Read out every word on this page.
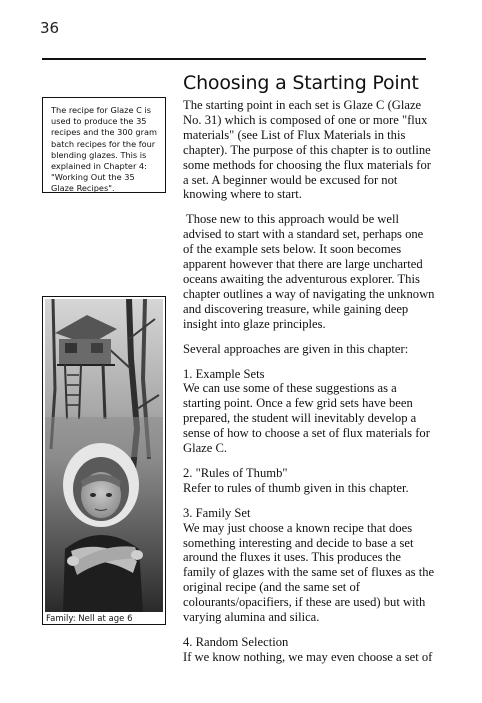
36
Choosing a Starting Point
The recipe for Glaze C is used to produce the 35 recipes and the 300 gram batch recipes for the four blending glazes. This is explained in Chapter 4: "Working Out the 35 Glaze Recipes".
Family: Nell at age 6

The starting point in each set is Glaze C (Glaze No. 31) which is composed of one or more "flux materials" (see List of Flux Materials in this chapter). The purpose of this chapter is to outline some methods for choosing the flux materials for a set. A beginner would be excused for not knowing where to start.

Those new to this approach would be well advised to start with a standard set, perhaps one of the example sets below. It soon becomes apparent however that there are large uncharted oceans awaiting the adventurous explorer. This chapter outlines a way of navigating the unknown and discovering treasure, while gaining deep insight into glaze principles.

Several approaches are given in this chapter:

1. Example Sets
We can use some of these suggestions as a starting point. Once a few grid sets have been prepared, the student will inevitably develop a sense of how to choose a set of flux materials for Glaze C.

2. "Rules of Thumb"
Refer to rules of thumb given in this chapter.

3. Family Set
We may just choose a known recipe that does something interesting and decide to base a set around the fluxes it uses. This produces the family of glazes with the same set of fluxes as the original recipe (and the same set of colourants/opacifiers, if these are used) but with varying alumina and silica.

4. Random Selection
If we know nothing, we may even choose a set of
